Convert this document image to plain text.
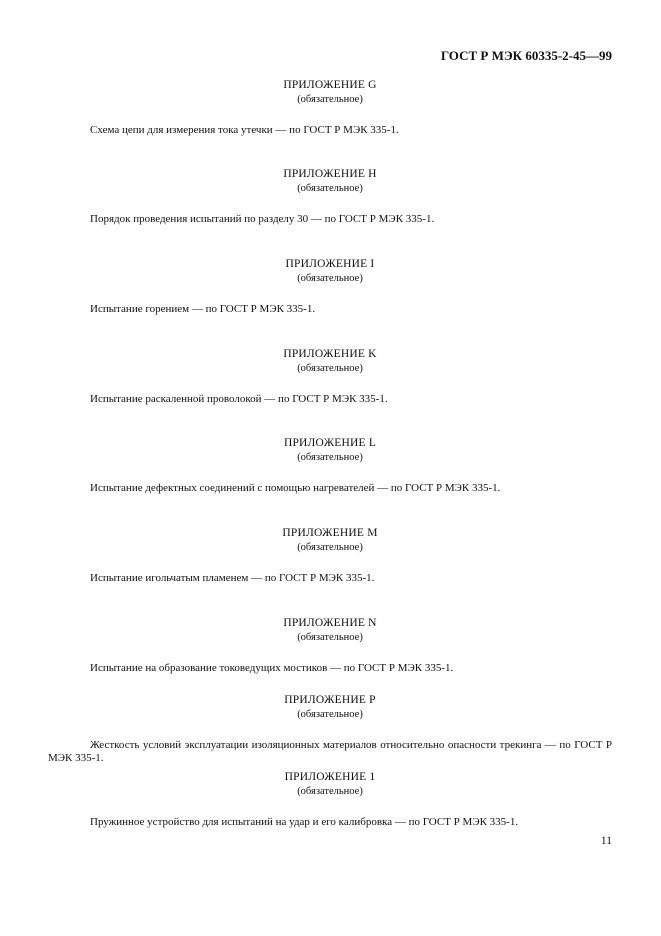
ГОСТ Р МЭК 60335-2-45—99
ПРИЛОЖЕНИЕ G
(обязательное)
Схема цепи для измерения тока утечки — по ГОСТ Р МЭК 335-1.
ПРИЛОЖЕНИЕ H
(обязательное)
Порядок проведения испытаний по разделу 30 — по ГОСТ Р МЭК 335-1.
ПРИЛОЖЕНИЕ I
(обязательное)
Испытание горением — по ГОСТ Р МЭК 335-1.
ПРИЛОЖЕНИЕ K
(обязательное)
Испытание раскаленной проволокой — по ГОСТ Р МЭК 335-1.
ПРИЛОЖЕНИЕ L
(обязательное)
Испытание дефектных соединений с помощью нагревателей — по ГОСТ Р МЭК 335-1.
ПРИЛОЖЕНИЕ M
(обязательное)
Испытание игольчатым пламенем — по ГОСТ Р МЭК 335-1.
ПРИЛОЖЕНИЕ N
(обязательное)
Испытание на образование токоведущих мостиков — по ГОСТ Р МЭК 335-1.
ПРИЛОЖЕНИЕ P
(обязательное)
Жесткость условий эксплуатации изоляционных материалов относительно опасности трекинга — по ГОСТ Р МЭК 335-1.
ПРИЛОЖЕНИЕ 1
(обязательное)
Пружинное устройство для испытаний на удар и его калибровка — по ГОСТ Р МЭК 335-1.
11
